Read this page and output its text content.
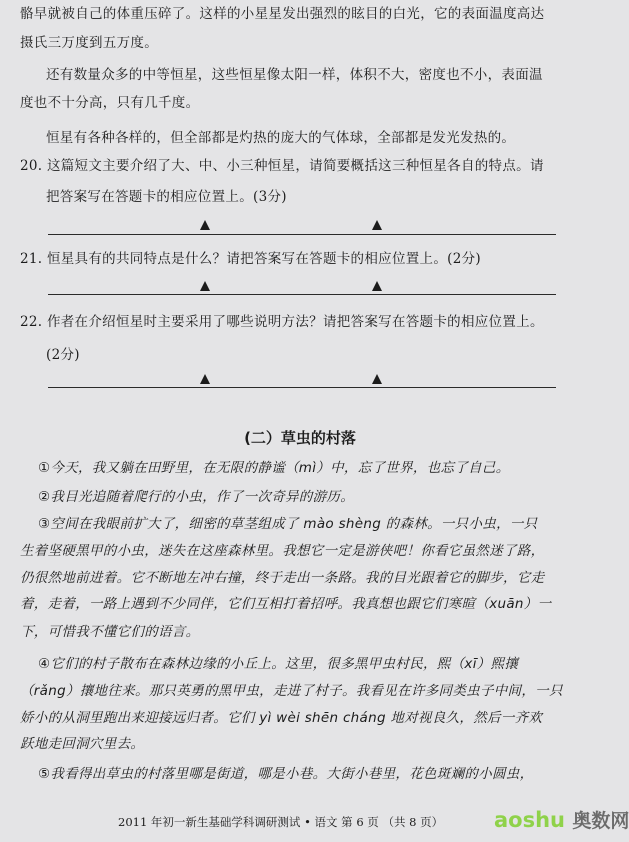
骼早就被自己的体重压碎了。这样的小星星发出强烈的眩目的白光，它的表面温度高达
摄氏三万度到五万度。
还有数量众多的中等恒星，这些恒星像太阳一样，体积不大，密度也不小，表面温
度也不十分高，只有几千度。
恒星有各种各样的，但全部都是灼热的庞大的气体球，全部都是发光发热的。
20. 这篇短文主要介绍了大、中、小三种恒星，请简要概括这三种恒星各自的特点。请
把答案写在答题卡的相应位置上。(3分)
21. 恒星具有的共同特点是什么？请把答案写在答题卡的相应位置上。(2分)
22. 作者在介绍恒星时主要采用了哪些说明方法？请把答案写在答题卡的相应位置上。
(2分)
(二）草虫的村落
①今天，我又躺在田野里，在无限的静谧（mì）中，忘了世界，也忘了自己。
②我目光追随着爬行的小虫，作了一次奇异的游历。
③空间在我眼前扩大了，细密的草茎组成了 mào shèng 的森林。一只小虫，一只
生着坚硬黑甲的小虫，迷失在这座森林里。我想它一定是游侠吧！你看它虽然迷了路，
仍很然地前进着。它不断地左冲右撞，终于走出一条路。我的目光跟着它的脚步，它走
着，走着，一路上遇到不少同伴，它们互相打着招呼。我真想也跟它们寒暄（xuān）一
下，可惜我不懂它们的语言。
④它们的村子散布在森林边缘的小丘上。这里，很多黑甲虫村民，熙（xī）熙攘
（rǎng）攘地往来。那只英勇的黑甲虫，走进了村子。我看见在许多同类虫子中间，一只
娇小的从洞里跑出来迎接远归者。它们 yì wèi shēn cháng 地对视良久，然后一齐欢
跃地走回洞穴里去。
⑤我看得出草虫的村落里哪是街道，哪是小巷。大街小巷里，花色斑斓的小圆虫，
2011 年初一新生基础学科调研测试 • 语文 第 6 页 （共 8 页） aoshu 奥数网
